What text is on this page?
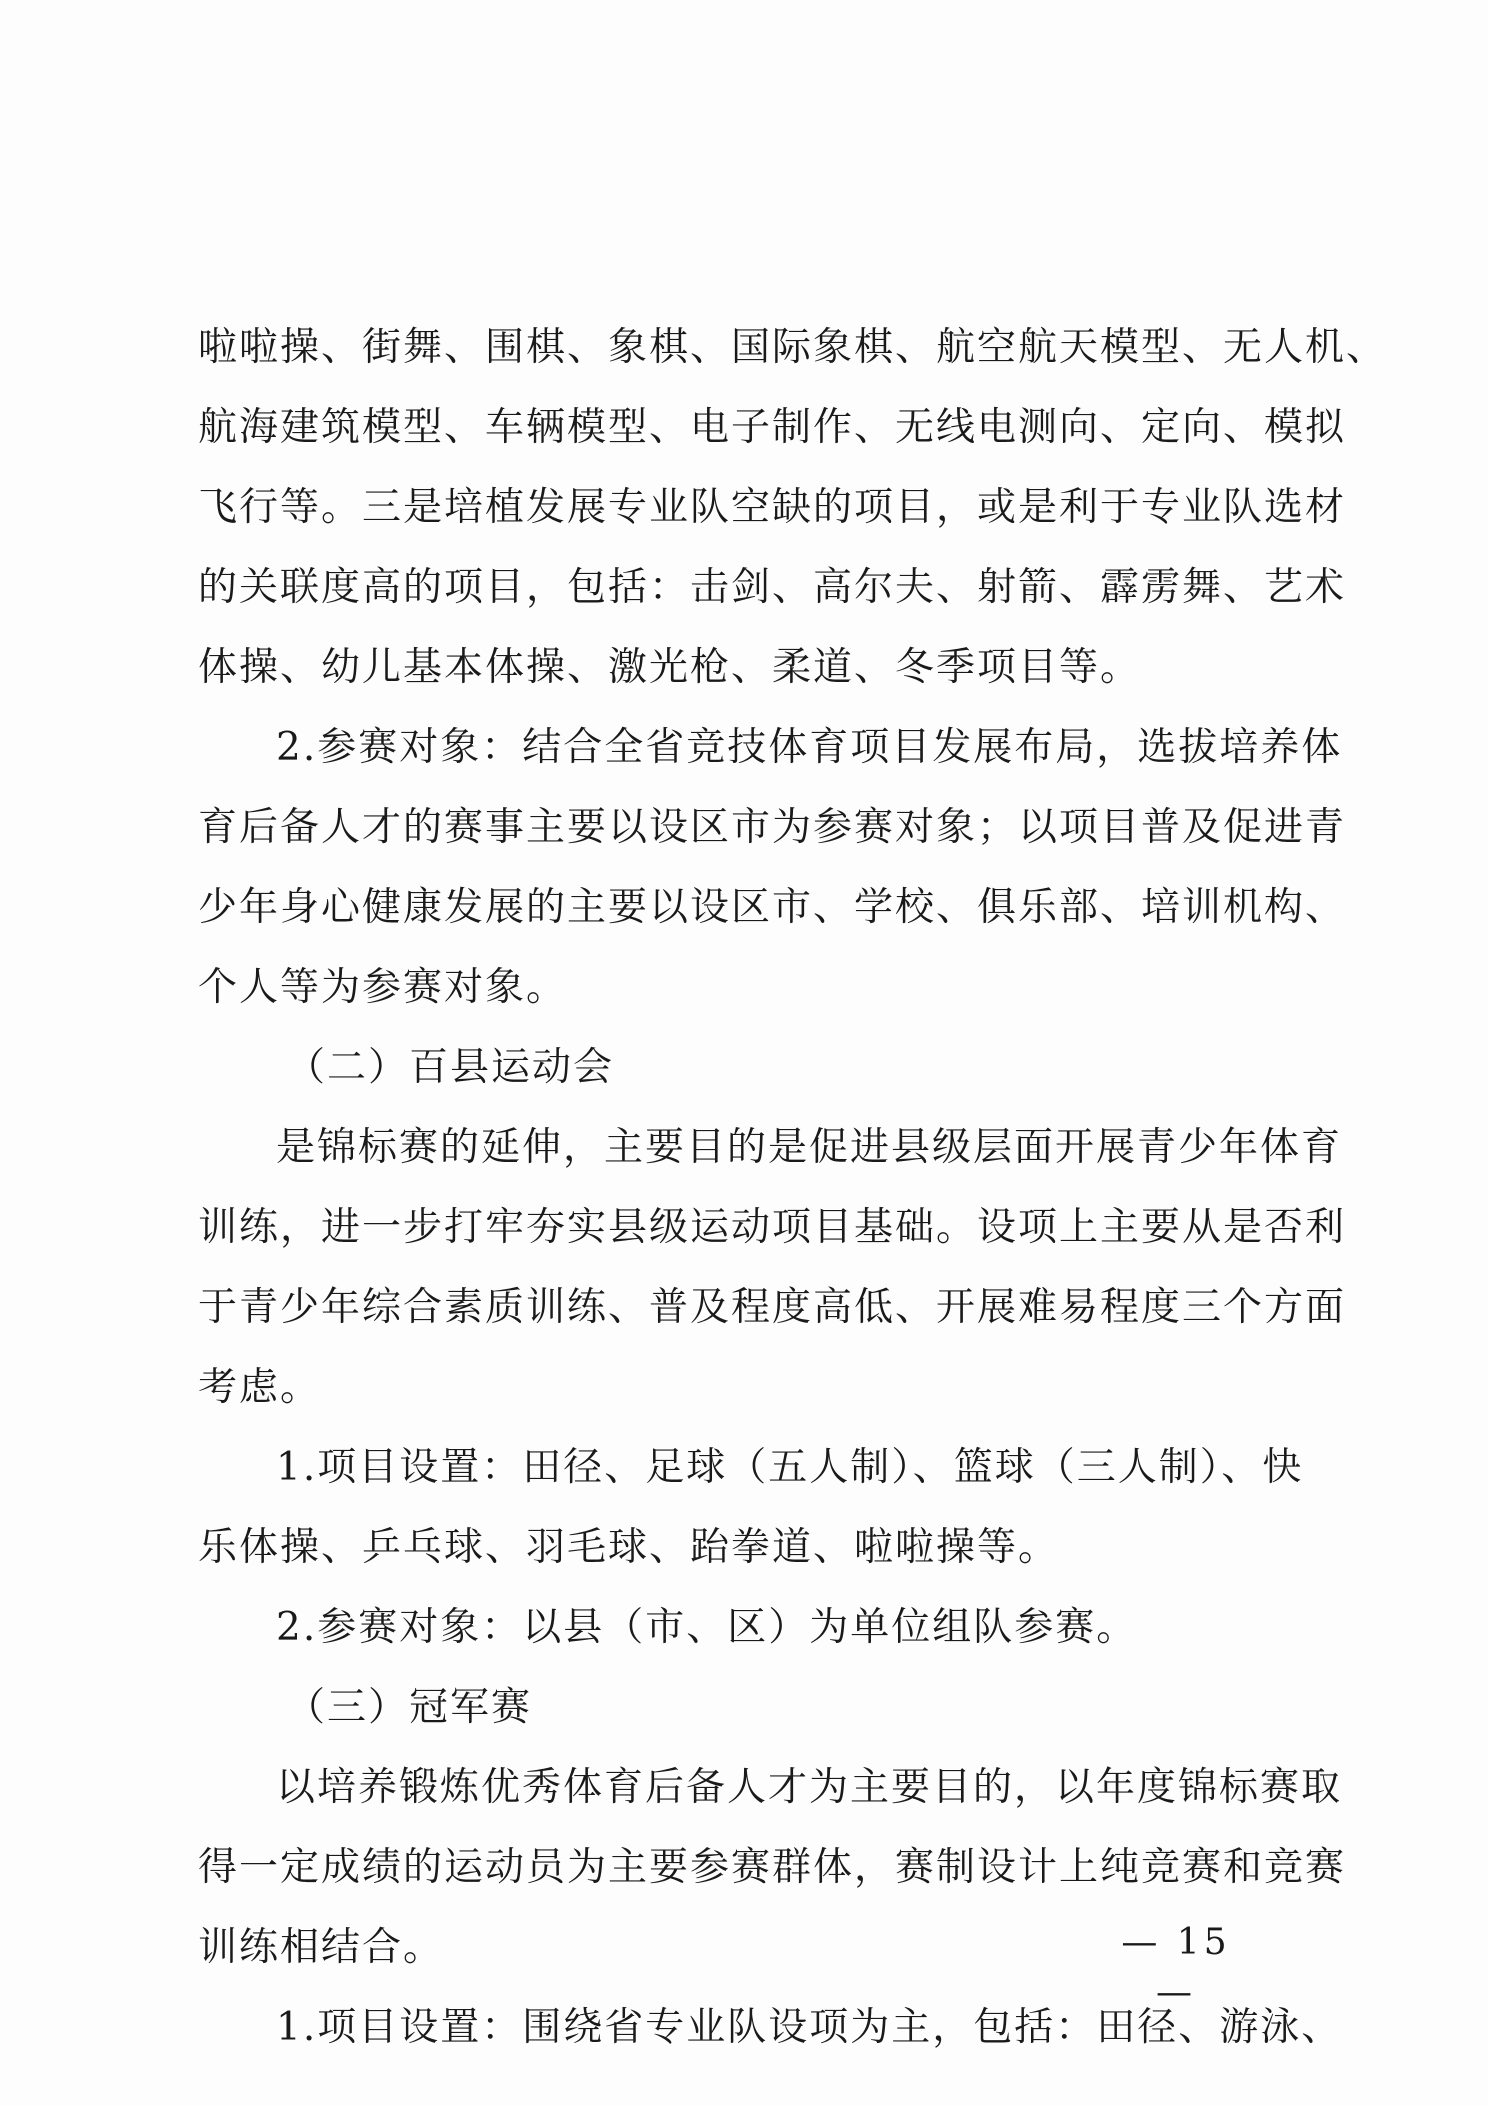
啦啦操、街舞、围棋、象棋、国际象棋、航空航天模型、无人机、
航海建筑模型、车辆模型、电子制作、无线电测向、定向、模拟
飞行等。三是培植发展专业队空缺的项目，或是利于专业队选材
的关联度高的项目，包括：击剑、高尔夫、射箭、霹雳舞、艺术
体操、幼儿基本体操、激光枪、柔道、冬季项目等。
2.参赛对象：结合全省竞技体育项目发展布局，选拔培养体
育后备人才的赛事主要以设区市为参赛对象；以项目普及促进青
少年身心健康发展的主要以设区市、学校、俱乐部、培训机构、
个人等为参赛对象。
（二）百县运动会
是锦标赛的延伸，主要目的是促进县级层面开展青少年体育
训练，进一步打牢夯实县级运动项目基础。设项上主要从是否利
于青少年综合素质训练、普及程度高低、开展难易程度三个方面
考虑。
1.项目设置：田径、足球（五人制）、篮球（三人制）、快
乐体操、乒乓球、羽毛球、跆拳道、啦啦操等。
2.参赛对象：以县（市、区）为单位组队参赛。
（三）冠军赛
以培养锻炼优秀体育后备人才为主要目的，以年度锦标赛取
得一定成绩的运动员为主要参赛群体，赛制设计上纯竞赛和竞赛
训练相结合。
1.项目设置：围绕省专业队设项为主，包括：田径、游泳、
— 15 —
